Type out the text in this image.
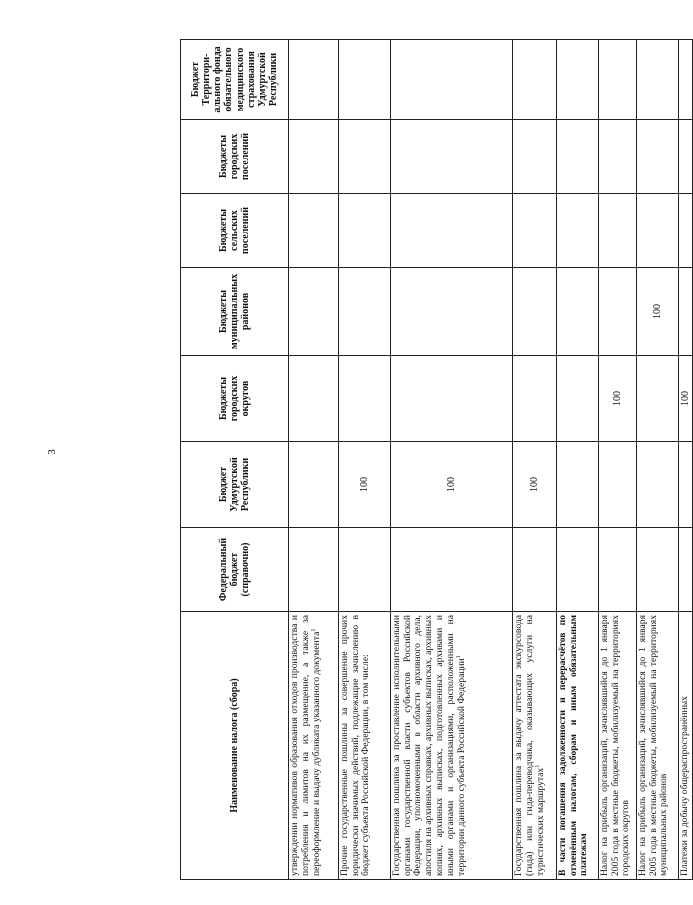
3
Наименование налога (сбора)	Федеральный бюджет (справочно)	Бюджет Удмуртской Республики	Бюджеты городских округов	Бюджеты муниципальных районов	Бюджеты сельских поселений	Бюджеты городских поселений	Бюджет Территори-ального фонда обязательного медицинского страхования Удмуртской Республики
утверждении нормативов образования отходов производства и потребления и лимитов на их размещение, а также за переоформление и выдачу дубликата указанного документа$^1$							
Прочие государственные пошлины за совершение прочих юридически значимых действий, подлежащие зачислению в бюджет субъекта Российской Федерации, в том числе:		100					
Государственная пошлина за проставление исполнительными органами государственной власти субъектов Российской Федерации, уполномоченными в области архивного дела, апостиля на архивных справках, архивных выписках, архивных копиях, архивных выписках, подготовленных архивами и иными органами и организациями, расположенными на территории данного субъекта Российской Федерации$^1$		100					
Государственная пошлина за выдачу аттестата экскурсовода (гида) или гида-переводчика, оказывающих услуги на туристических маршрутах$^1$		100					
В части погашения задолженности и перерасчётов по отменённым налогам, сборам и иным обязательным платежам							
Налог на прибыль организаций, зачислявшийся до 1 января 2005 года в местные бюджеты, мобилизуемый на территориях городских округов			100				
Налог на прибыль организаций, зачислявшийся до 1 января 2005 года в местные бюджеты, мобилизуемый на территориях муниципальных районов				100			
Платежи за добычу общераспространённых			100				
